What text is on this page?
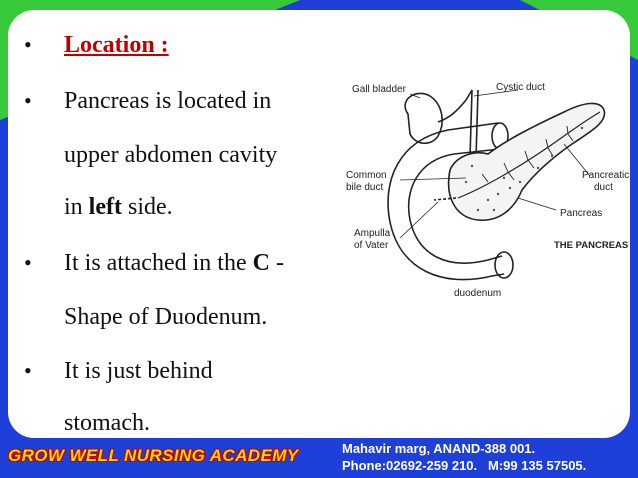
• Location :
• Pancreas is located in
upper abdomen cavity
in left side.
• It is attached in the C -
Shape of Duodenum.
• It is just behind
stomach.
Gall bladder	Cystic duct
Common
bile duct
Pancreatic
duct
Pancreas
Ampulla
of Vater	THE PANCREAS
duodenum
GROW WELL NURSING ACADEMY	Mahavir marg, ANAND-388 001.
Phone:02692-259 210.   M:99 135 57505.
